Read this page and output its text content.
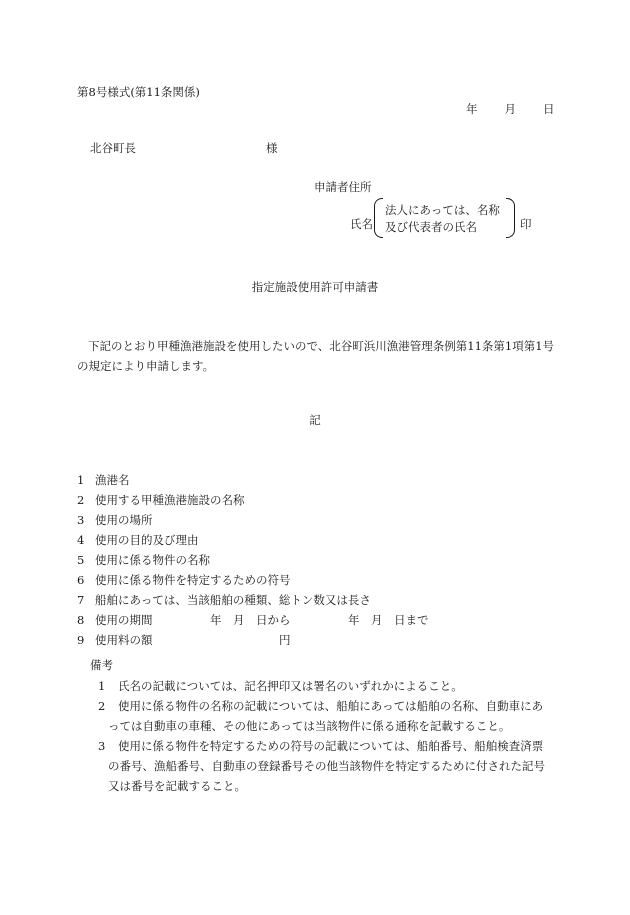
第8号様式(第11条関係)
年 月 日
北谷町長	様
申請者住所
氏名
法人にあっては、名称及び代表者の氏名	印
指定施設使用許可申請書
下記のとおり甲種漁港施設を使用したいので、北谷町浜川漁港管理条例第11条第1項第1号の規定により申請します。
記
1 漁港名
2 使用する甲種漁港施設の名称
3 使用の場所
4 使用の目的及び理由
5 使用に係る物件の名称
6 使用に係る物件を特定するための符号
7 船舶にあっては、当該船舶の種類、総トン数又は長さ
8 使用の期間　　　　　年　月　日から　　　　　年　月　日まで
9 使用料の額　　　　　　　　　　　円
備考
1 氏名の記載については、記名押印又は署名のいずれかによること。
2 使用に係る物件の名称の記載については、船舶にあっては船舶の名称、自動車にあ
っては自動車の車種、その他にあっては当該物件に係る通称を記載すること。
3 使用に係る物件を特定するための符号の記載については、船舶番号、船舶検査済票
の番号、漁船番号、自動車の登録番号その他当該物件を特定するために付された記号又は番号を記載すること。
